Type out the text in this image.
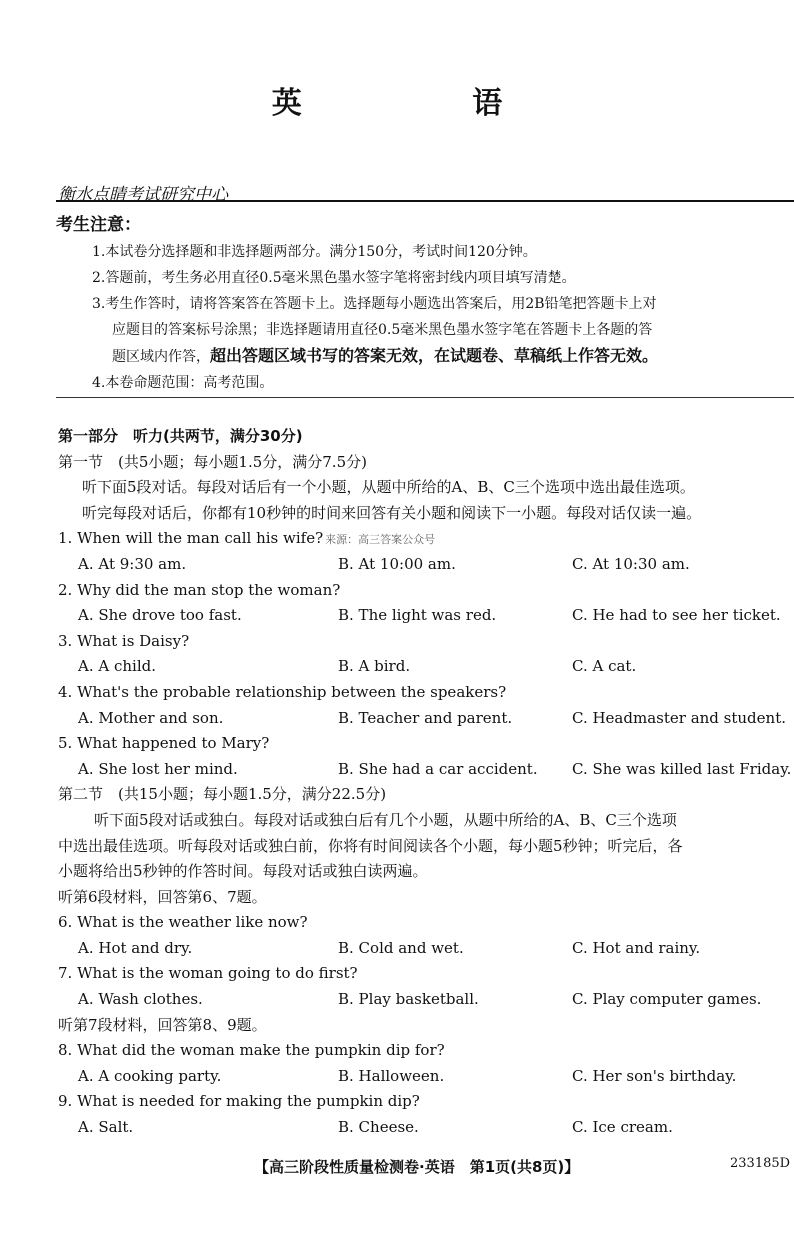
英 语
衡水点睛考试研究中心
考生注意：
1.本试卷分选择题和非选择题两部分。满分150分，考试时间120分钟。
2.答题前，考生务必用直径0.5毫米黑色墨水签字笔将密封线内项目填写清楚。
3.考生作答时，请将答案答在答题卡上。选择题每小题选出答案后，用2B铅笔把答题卡上对
应题目的答案标号涂黑；非选择题请用直径0.5毫米黑色墨水签字笔在答题卡上各题的答
题区域内作答，超出答题区域书写的答案无效，在试题卷、草稿纸上作答无效。
4.本卷命题范围：高考范围。
第一部分　听力(共两节，满分30分)
第一节　(共5小题；每小题1.5分，满分7.5分)
听下面5段对话。每段对话后有一个小题，从题中所给的A、B、C三个选项中选出最佳选项。
听完每段对话后，你都有10秒钟的时间来回答有关小题和阅读下一小题。每段对话仅读一遍。
1. When will the man call his wife? 来源：高三答案公众号
A. At 9:30 am.	B. At 10:00 am.	C. At 10:30 am.
2. Why did the man stop the woman?
A. She drove too fast.	B. The light was red.	C. He had to see her ticket.
3. What is Daisy?
A. A child.	B. A bird.	C. A cat.
4. What's the probable relationship between the speakers?
A. Mother and son.	B. Teacher and parent.	C. Headmaster and student.
5. What happened to Mary?
A. She lost her mind.	B. She had a car accident. C. She was killed last Friday.
第二节　(共15小题；每小题1.5分，满分22.5分)
听下面5段对话或独白。每段对话或独白后有几个小题，从题中所给的A、B、C三个选项
中选出最佳选项。听每段对话或独白前，你将有时间阅读各个小题，每小题5秒钟；听完后，各
小题将给出5秒钟的作答时间。每段对话或独白读两遍。
听第6段材料，回答第6、7题。
6. What is the weather like now?
A. Hot and dry.	B. Cold and wet.	C. Hot and rainy.
7. What is the woman going to do first?
A. Wash clothes.	B. Play basketball.	C. Play computer games.
听第7段材料，回答第8、9题。
8. What did the woman make the pumpkin dip for?
A. A cooking party.	B. Halloween.	C. Her son's birthday.
9. What is needed for making the pumpkin dip?
A. Salt.	B. Cheese.	C. Ice cream.
【高三阶段性质量检测卷·英语　第1页(共8页)】	233185D
